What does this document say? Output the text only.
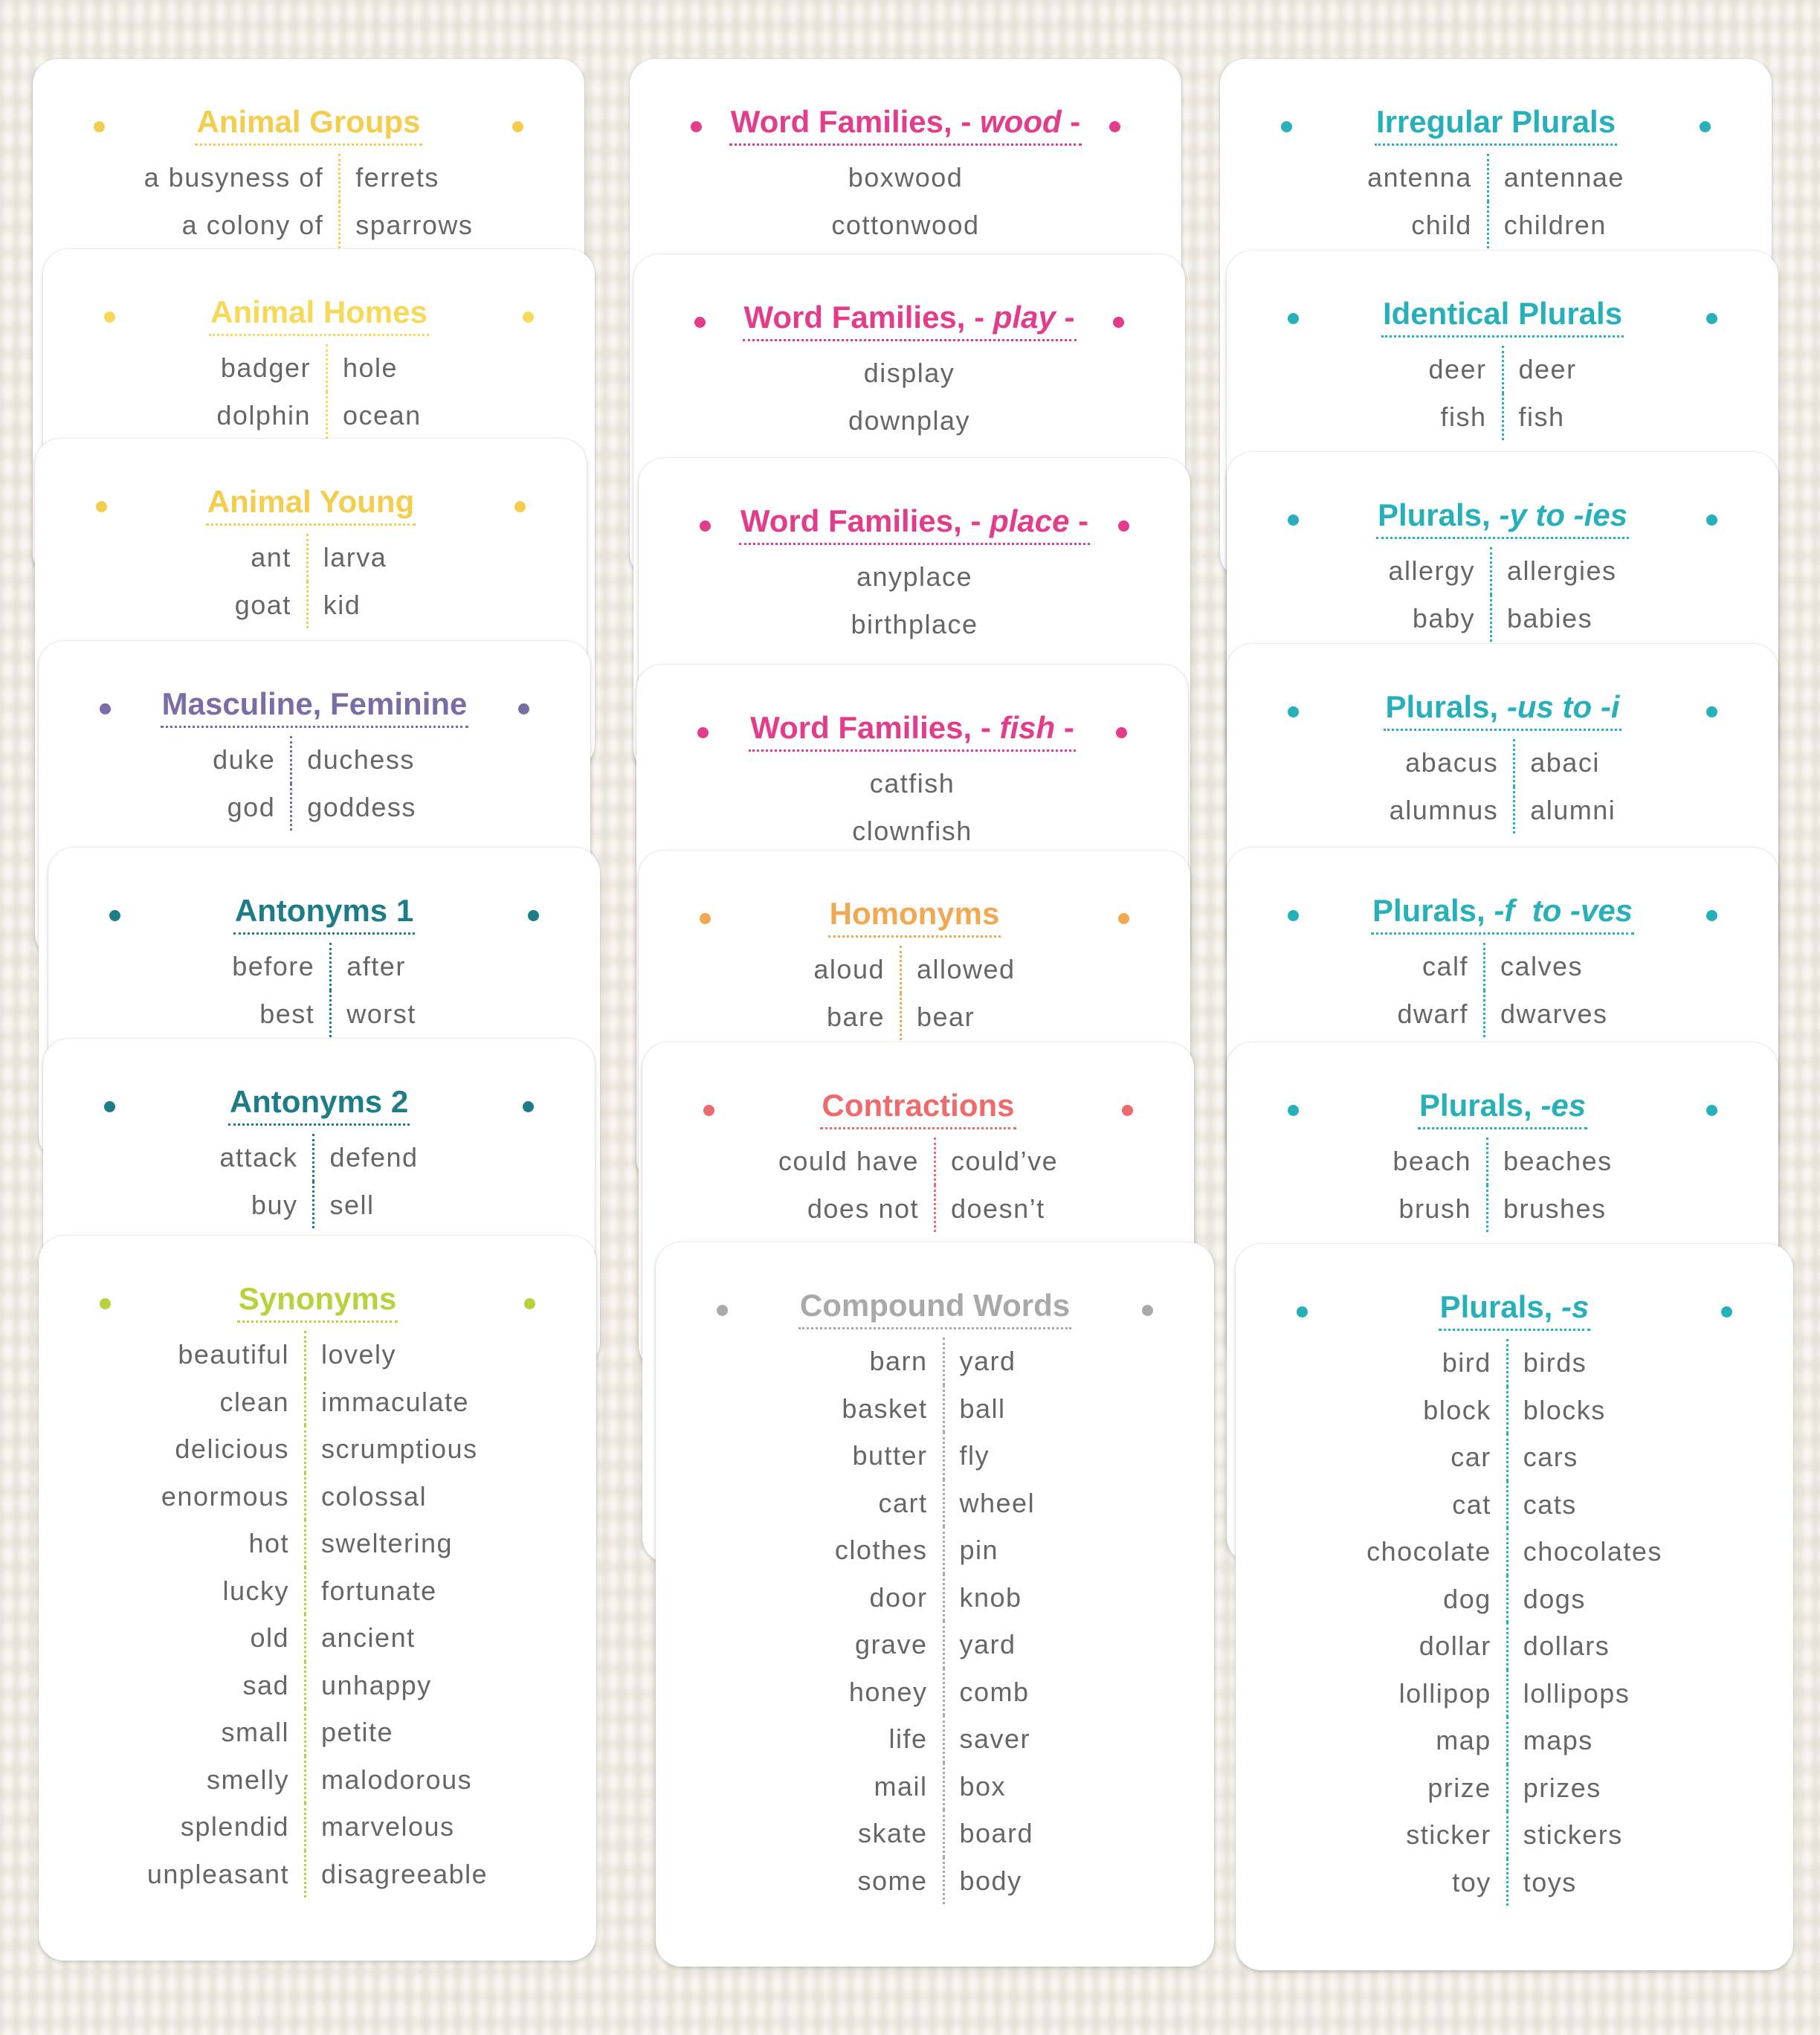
Animal Groups
a busyness of	ferrets
a colony of	sparrows
Animal Homes
badger	hole
dolphin	ocean
Animal Young
ant	larva
goat	kid
Masculine, Feminine
duke	duchess
god	goddess
Antonyms 1
before	after
best	worst
Antonyms 2
attack	defend
buy	sell
Synonyms
beautiful	lovely
clean	immaculate
delicious	scrumptious
enormous	colossal
hot	sweltering
lucky	fortunate
old	ancient
sad	unhappy
small	petite
smelly	malodorous
splendid	marvelous
unpleasant	disagreeable
Word Families, - wood -
boxwood
cottonwood
Word Families, - play -
display
downplay
Word Families, - place -
anyplace
birthplace
Word Families, - fish -
catfish
clownfish
Homonyms
aloud	allowed
bare	bear
Contractions
could have	could’ve
does not	doesn’t
Compound Words
barn	yard
basket	ball
butter	fly
cart	wheel
clothes	pin
door	knob
grave	yard
honey	comb
life	saver
mail	box
skate	board
some	body
Irregular Plurals
antenna	antennae
child	children
Identical Plurals
deer	deer
fish	fish
Plurals, -y to -ies
allergy	allergies
baby	babies
Plurals, -us to -i
abacus	abaci
alumnus	alumni
Plurals, -f  to -ves
calf	calves
dwarf	dwarves
Plurals, -es
beach	beaches
brush	brushes
Plurals, -s
bird	birds
block	blocks
car	cars
cat	cats
chocolate	chocolates
dog	dogs
dollar	dollars
lollipop	lollipops
map	maps
prize	prizes
sticker	stickers
toy	toys
